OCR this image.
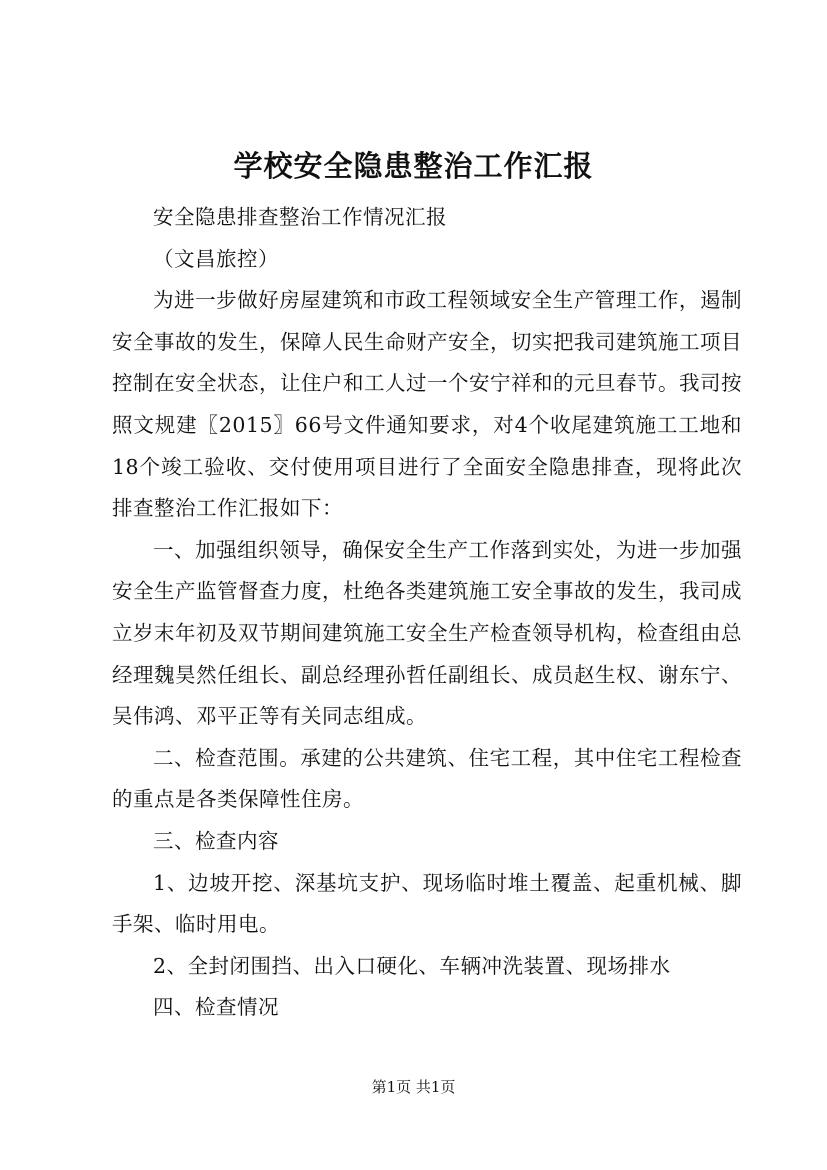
学校安全隐患整治工作汇报

安全隐患排查整治工作情况汇报

（文昌旅控）

为进一步做好房屋建筑和市政工程领域安全生产管理工作，遏制安全事故的发生，保障人民生命财产安全，切实把我司建筑施工项目控制在安全状态，让住户和工人过一个安宁祥和的元旦春节。我司按照文规建〖2015〗66号文件通知要求，对4个收尾建筑施工工地和18个竣工验收、交付使用项目进行了全面安全隐患排查，现将此次排查整治工作汇报如下：

一、加强组织领导，确保安全生产工作落到实处，为进一步加强安全生产监管督查力度，杜绝各类建筑施工安全事故的发生，我司成立岁末年初及双节期间建筑施工安全生产检查领导机构，检查组由总经理魏昊然任组长、副总经理孙哲任副组长、成员赵生权、谢东宁、吴伟鸿、邓平正等有关同志组成。

二、检查范围。承建的公共建筑、住宅工程，其中住宅工程检查的重点是各类保障性住房。

三、检查内容

1、边坡开挖、深基坑支护、现场临时堆土覆盖、起重机械、脚手架、临时用电。

2、全封闭围挡、出入口硬化、车辆冲洗装置、现场排水

四、检查情况

第1页 共1页
